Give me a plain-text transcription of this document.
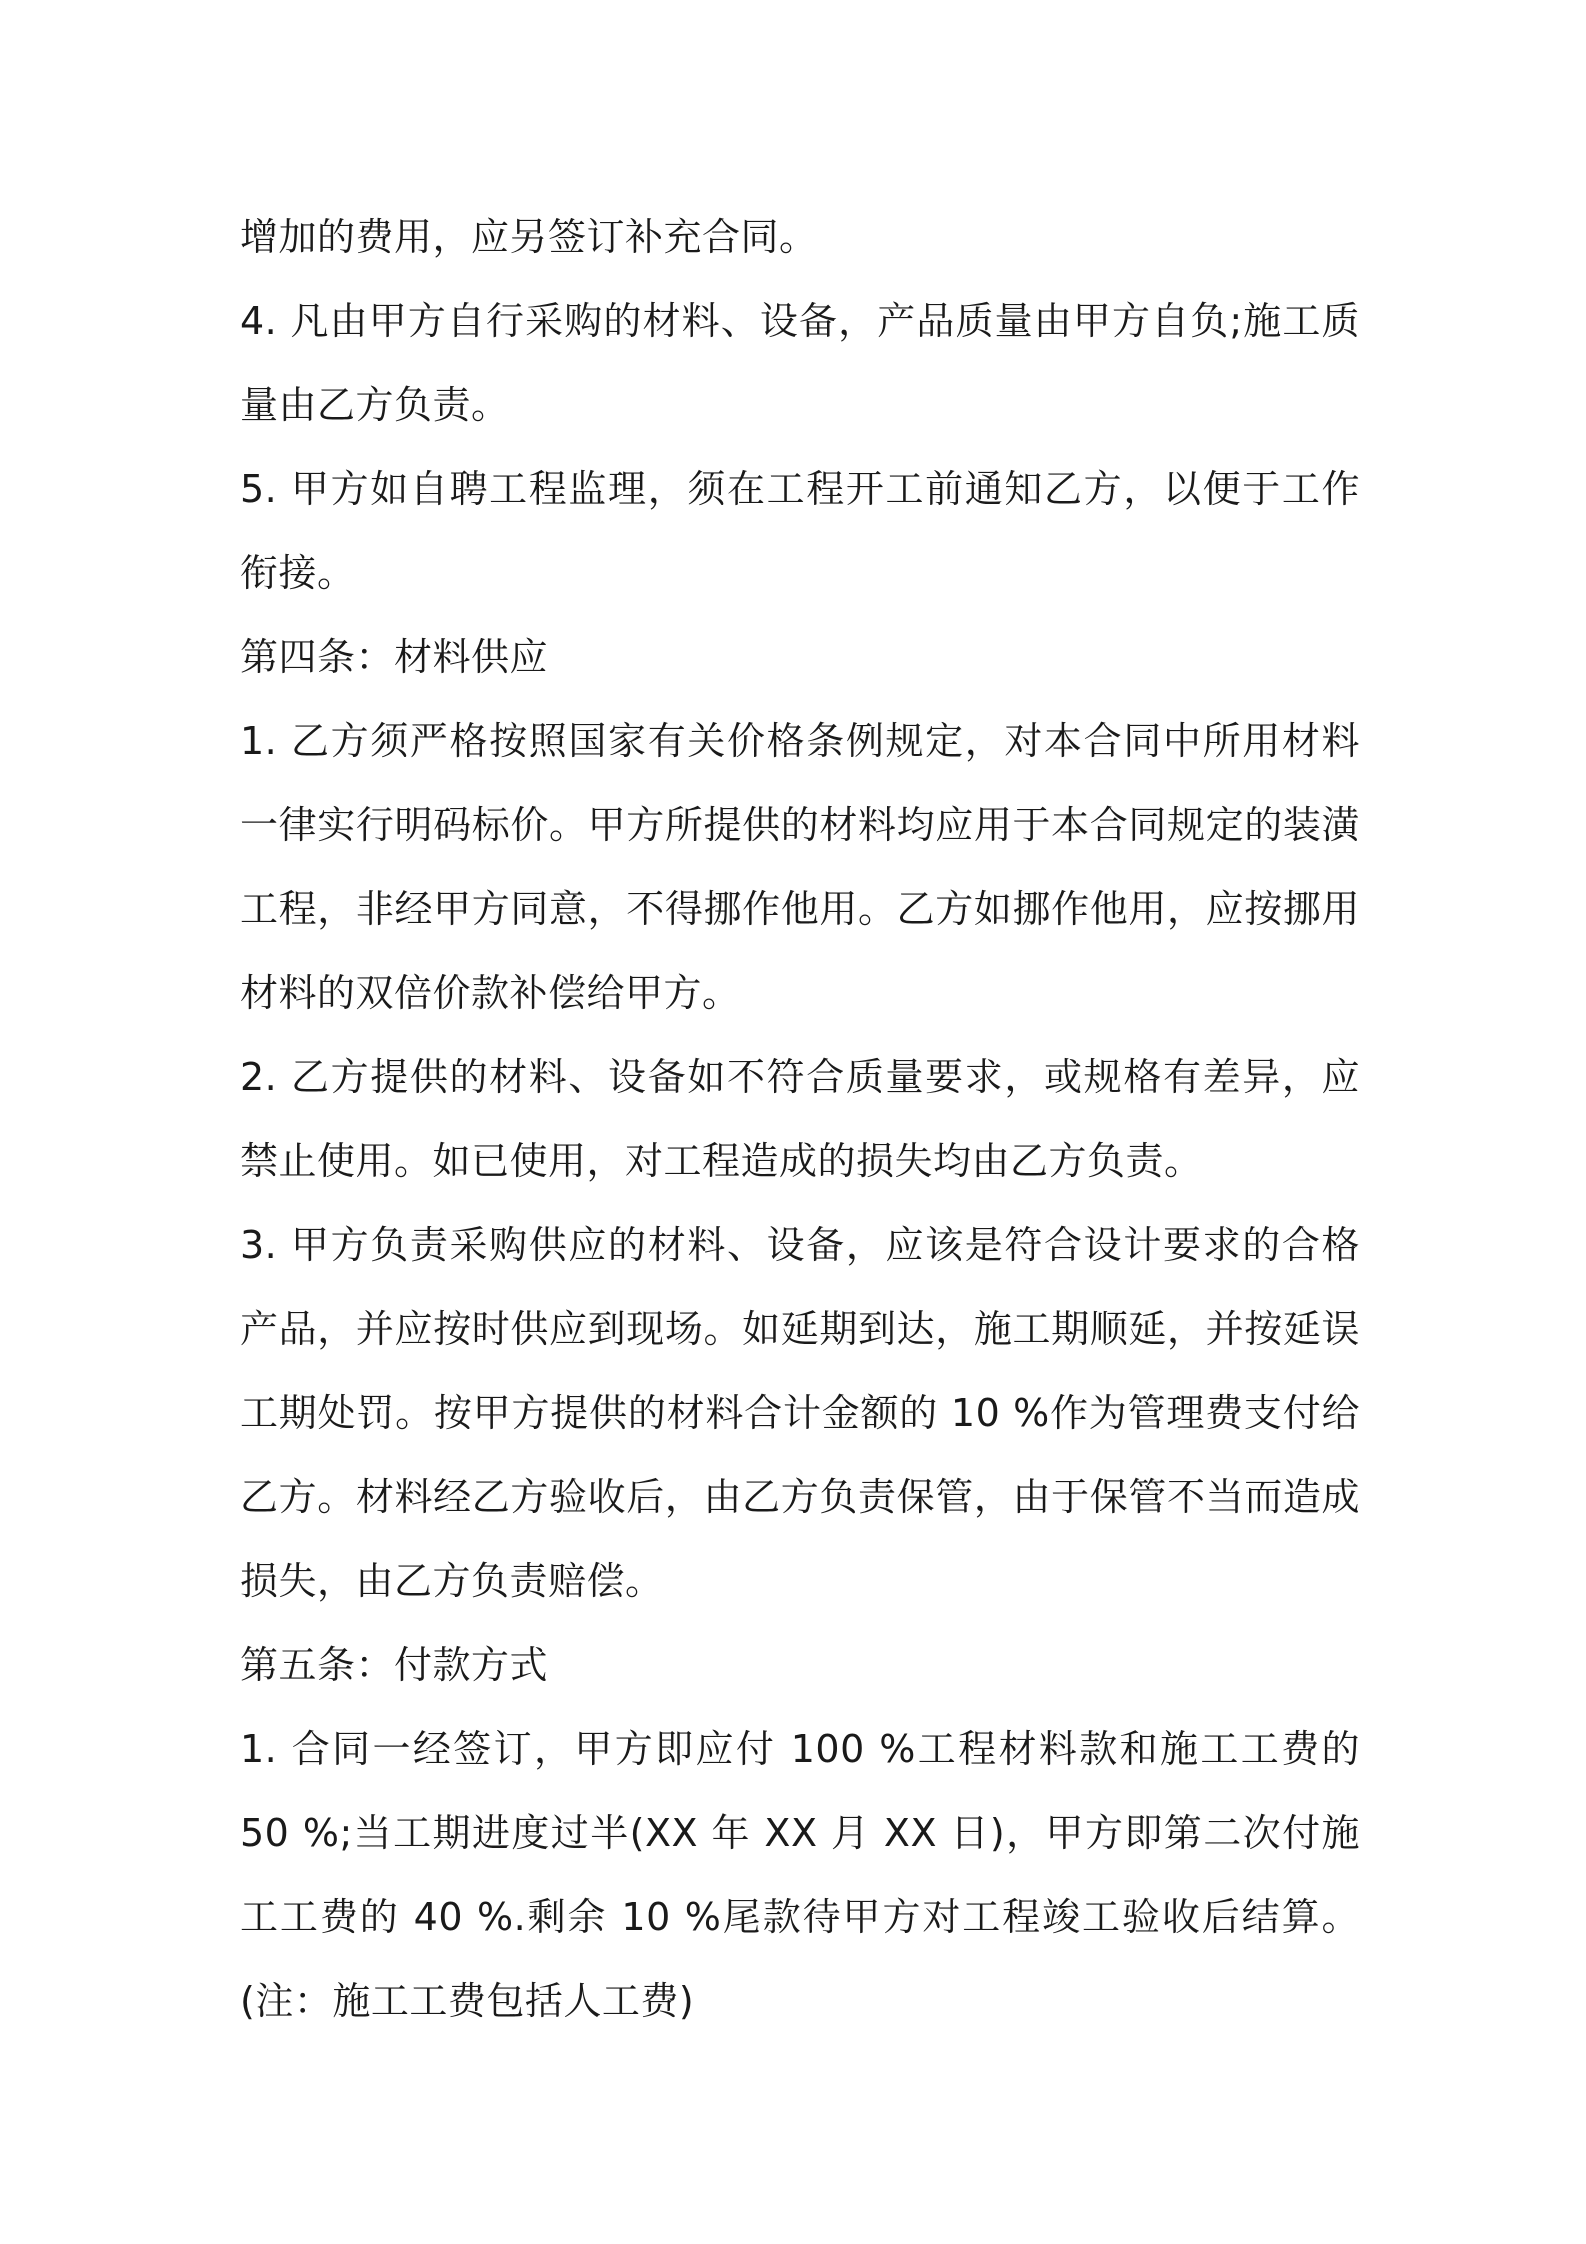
增加的费用，应另签订补充合同。

4. 凡由甲方自行采购的材料、设备，产品质量由甲方自负;施工质量由乙方负责。

5. 甲方如自聘工程监理，须在工程开工前通知乙方，以便于工作衔接。

第四条：材料供应

1. 乙方须严格按照国家有关价格条例规定，对本合同中所用材料一律实行明码标价。甲方所提供的材料均应用于本合同规定的装潢工程，非经甲方同意，不得挪作他用。乙方如挪作他用，应按挪用材料的双倍价款补偿给甲方。

2. 乙方提供的材料、设备如不符合质量要求，或规格有差异，应禁止使用。如已使用，对工程造成的损失均由乙方负责。

3. 甲方负责采购供应的材料、设备，应该是符合设计要求的合格产品，并应按时供应到现场。如延期到达，施工期顺延，并按延误工期处罚。按甲方提供的材料合计金额的 10 %作为管理费支付给乙方。材料经乙方验收后，由乙方负责保管，由于保管不当而造成损失，由乙方负责赔偿。

第五条：付款方式

1. 合同一经签订，甲方即应付 100 %工程材料款和施工工费的50 %;当工期进度过半(XX 年 XX 月 XX 日)，甲方即第二次付施工工费的 40 %.剩余 10 %尾款待甲方对工程竣工验收后结算。(注：施工工费包括人工费)
